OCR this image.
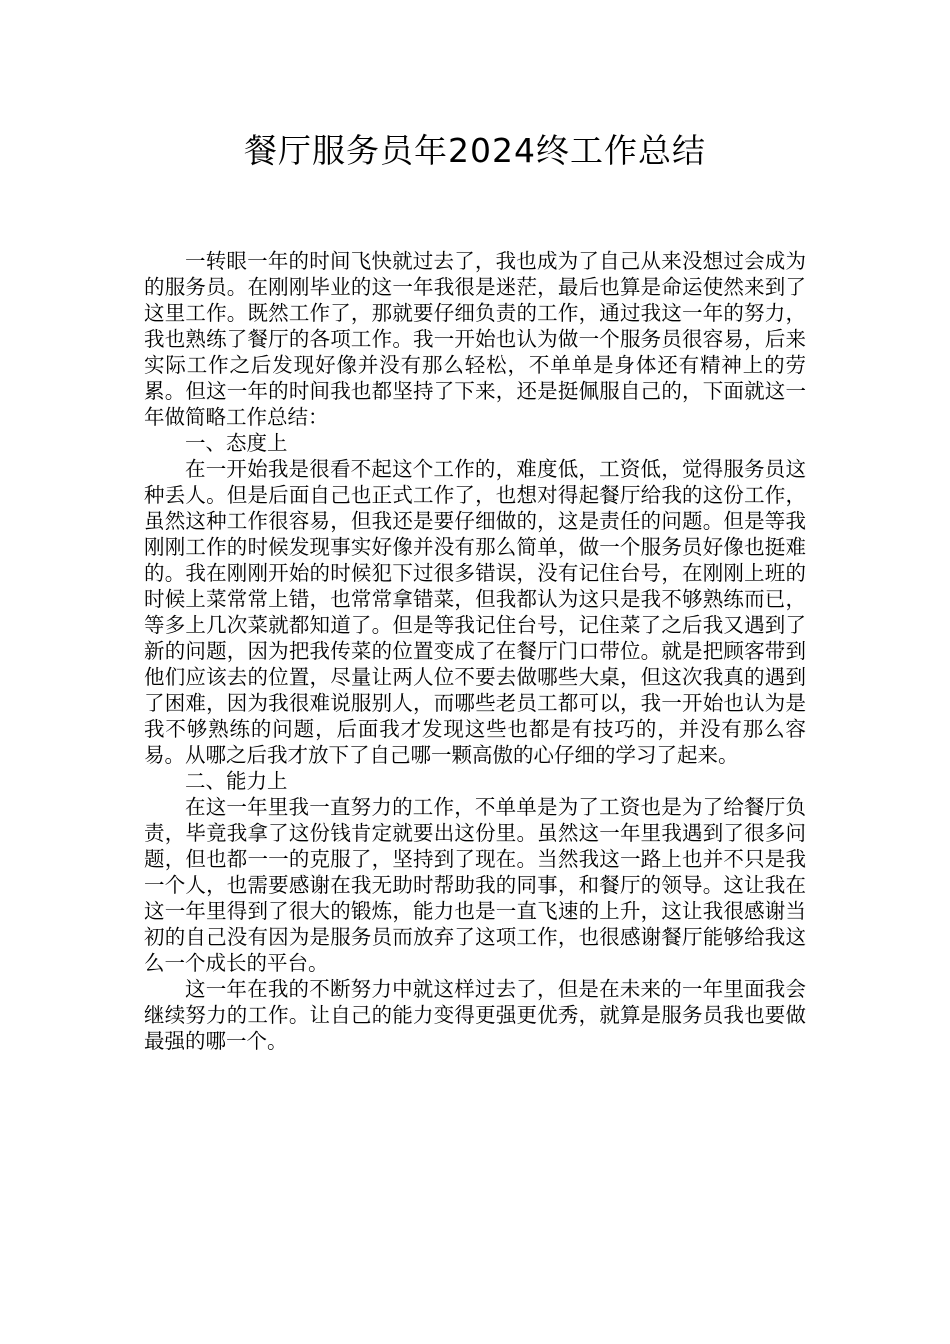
餐厅服务员年2024终工作总结

一转眼一年的时间飞快就过去了，我也成为了自己从来没想过会成为的服务员。在刚刚毕业的这一年我很是迷茫，最后也算是命运使然来到了这里工作。既然工作了，那就要仔细负责的工作，通过我这一年的努力，我也熟练了餐厅的各项工作。我一开始也认为做一个服务员很容易，后来实际工作之后发现好像并没有那么轻松，不单单是身体还有精神上的劳累。但这一年的时间我也都坚持了下来，还是挺佩服自己的，下面就这一年做简略工作总结：

一、态度上

在一开始我是很看不起这个工作的，难度低，工资低，觉得服务员这种丢人。但是后面自己也正式工作了，也想对得起餐厅给我的这份工作，虽然这种工作很容易，但我还是要仔细做的，这是责任的问题。但是等我刚刚工作的时候发现事实好像并没有那么简单，做一个服务员好像也挺难的。我在刚刚开始的时候犯下过很多错误，没有记住台号，在刚刚上班的时候上菜常常上错，也常常拿错菜，但我都认为这只是我不够熟练而已，等多上几次菜就都知道了。但是等我记住台号，记住菜了之后我又遇到了新的问题，因为把我传菜的位置变成了在餐厅门口带位。就是把顾客带到他们应该去的位置，尽量让两人位不要去做哪些大桌，但这次我真的遇到了困难，因为我很难说服别人，而哪些老员工都可以，我一开始也认为是我不够熟练的问题，后面我才发现这些也都是有技巧的，并没有那么容易。从哪之后我才放下了自己哪一颗高傲的心仔细的学习了起来。

二、能力上

在这一年里我一直努力的工作，不单单是为了工资也是为了给餐厅负责，毕竟我拿了这份钱肯定就要出这份里。虽然这一年里我遇到了很多问题，但也都一一的克服了，坚持到了现在。当然我这一路上也并不只是我一个人，也需要感谢在我无助时帮助我的同事，和餐厅的领导。这让我在这一年里得到了很大的锻炼，能力也是一直飞速的上升，这让我很感谢当初的自己没有因为是服务员而放弃了这项工作，也很感谢餐厅能够给我这么一个成长的平台。

这一年在我的不断努力中就这样过去了，但是在未来的一年里面我会继续努力的工作。让自己的能力变得更强更优秀，就算是服务员我也要做最强的哪一个。
